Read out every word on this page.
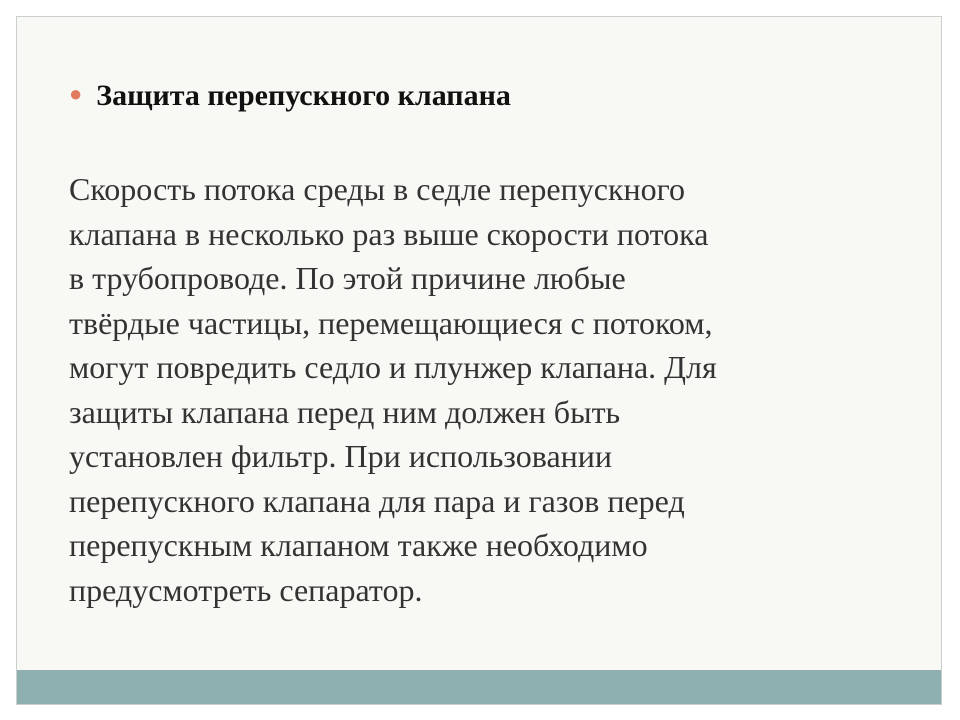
● Защита перепускного клапана
Скорость потока среды в седле перепускного
клапана в несколько раз выше скорости потока
в трубопроводе. По этой причине любые
твёрдые частицы, перемещающиеся с потоком,
могут повредить седло и плунжер клапана. Для
защиты клапана перед ним должен быть
установлен фильтр. При использовании
перепускного клапана для пара и газов перед
перепускным клапаном также необходимо
предусмотреть сепаратор.
